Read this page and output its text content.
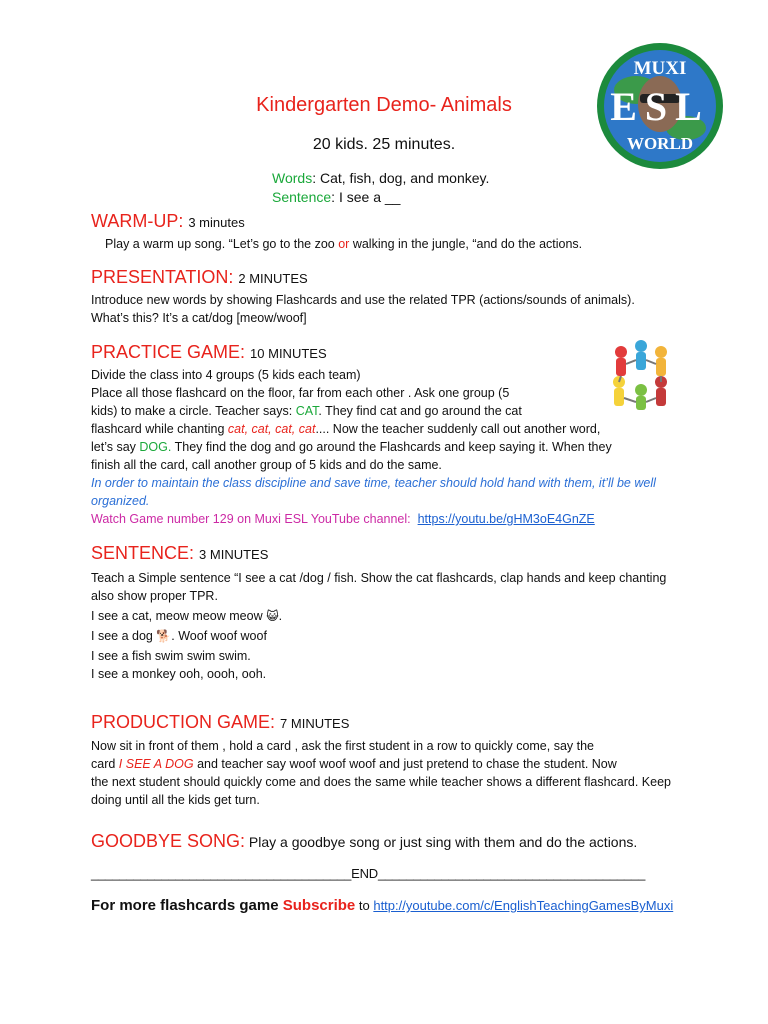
MUXI
ESL
WORLD
Kindergarten Demo- Animals
20 kids. 25 minutes.
Words: Cat, fish, dog, and monkey.
Sentence: I see a __
WARM-UP: 3 minutes
Play a warm up song. “Let’s go to the zoo or walking in the jungle, “and do the actions.
PRESENTATION: 2 MINUTES
Introduce new words by showing Flashcards and use the related TPR (actions/sounds of animals). What’s this? It’s a cat/dog [meow/woof]
PRACTICE GAME: 10 MINUTES
Divide the class into 4 groups (5 kids each team)
Place all those flashcard on the floor, far from each other . Ask one group (5
kids) to make a circle. Teacher says: CAT. They find cat and go around the cat
flashcard while chanting cat, cat, cat, cat.... Now the teacher suddenly call out another word,
let’s say DOG. They find the dog and go around the Flashcards and keep saying it. When they
finish all the card, call another group of 5 kids and do the same.
In order to maintain the class discipline and save time, teacher should hold hand with them, it’ll be well organized.
Watch Game number 129 on Muxi ESL YouTube channel: https://youtu.be/gHM3oE4GnZE
SENTENCE: 3 MINUTES
Teach a Simple sentence “I see a cat /dog / fish. Show the cat flashcards, clap hands and keep chanting also show proper TPR.
I see a cat, meow meow meow 😺.
I see a dog 🐕. Woof woof woof
I see a fish swim swim swim.
I see a monkey ooh, oooh, ooh.
PRODUCTION GAME: 7 MINUTES
Now sit in front of them , hold a card , ask the first student in a row to quickly come, say the
card I SEE A DOG and teacher say woof woof woof and just pretend to chase the student. Now
the next student should quickly come and does the same while teacher shows a different flashcard. Keep doing until all the kids get turn.
GOODBYE SONG: Play a goodbye song or just sing with them and do the actions.
_____________________________________END______________________________________
For more flashcards game Subscribe to http://youtube.com/c/EnglishTeachingGamesByMuxi
